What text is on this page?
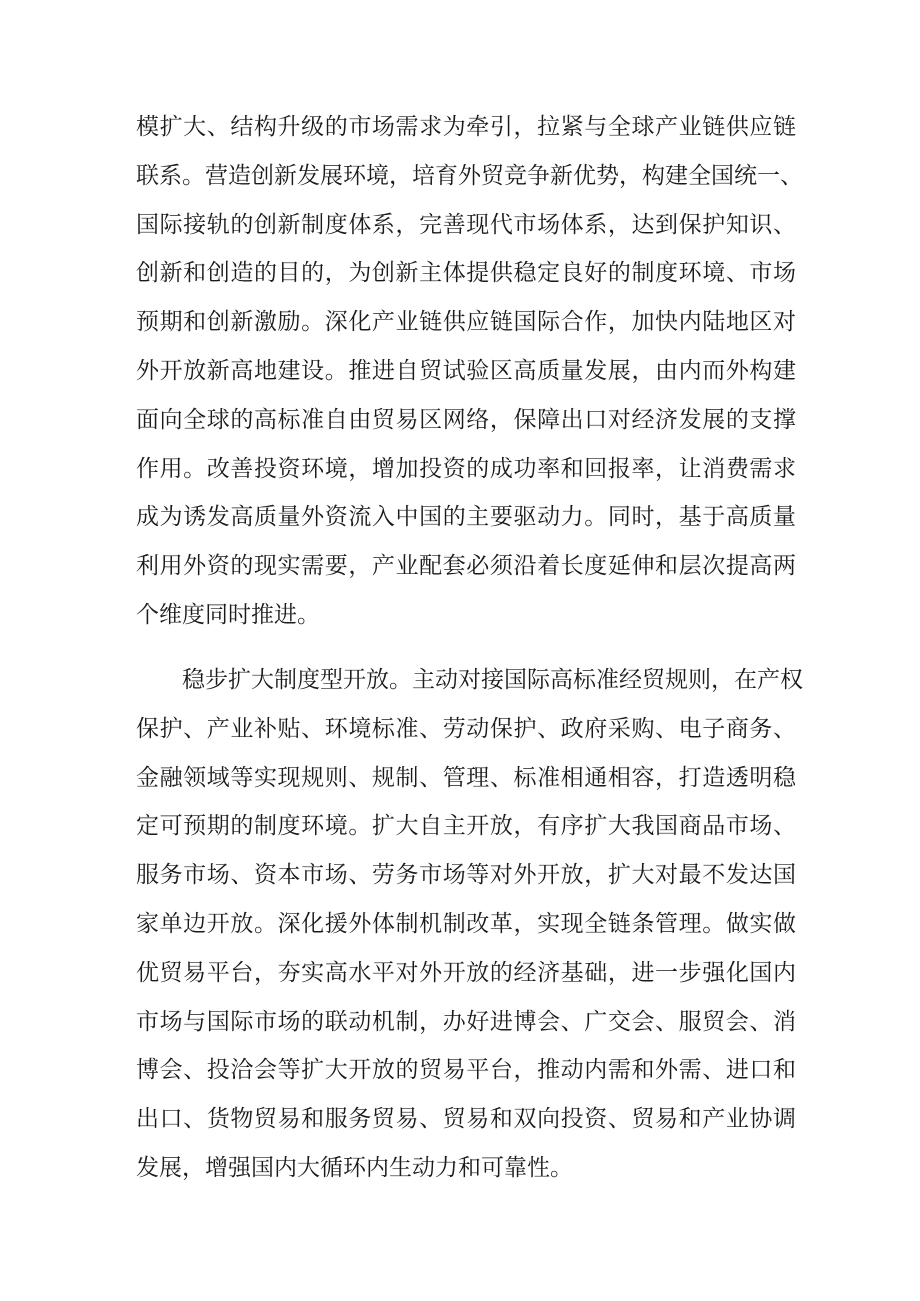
模扩大、结构升级的市场需求为牵引，拉紧与全球产业链供应链
联系。营造创新发展环境，培育外贸竞争新优势，构建全国统一、
国际接轨的创新制度体系，完善现代市场体系，达到保护知识、
创新和创造的目的，为创新主体提供稳定良好的制度环境、市场
预期和创新激励。深化产业链供应链国际合作，加快内陆地区对
外开放新高地建设。推进自贸试验区高质量发展，由内而外构建
面向全球的高标准自由贸易区网络，保障出口对经济发展的支撑
作用。改善投资环境，增加投资的成功率和回报率，让消费需求
成为诱发高质量外资流入中国的主要驱动力。同时，基于高质量
利用外资的现实需要，产业配套必须沿着长度延伸和层次提高两
个维度同时推进。
　　稳步扩大制度型开放。主动对接国际高标准经贸规则，在产权
保护、产业补贴、环境标准、劳动保护、政府采购、电子商务、
金融领域等实现规则、规制、管理、标准相通相容，打造透明稳
定可预期的制度环境。扩大自主开放，有序扩大我国商品市场、
服务市场、资本市场、劳务市场等对外开放，扩大对最不发达国
家单边开放。深化援外体制机制改革，实现全链条管理。做实做
优贸易平台，夯实高水平对外开放的经济基础，进一步强化国内
市场与国际市场的联动机制，办好进博会、广交会、服贸会、消
博会、投洽会等扩大开放的贸易平台，推动内需和外需、进口和
出口、货物贸易和服务贸易、贸易和双向投资、贸易和产业协调
发展，增强国内大循环内生动力和可靠性。
